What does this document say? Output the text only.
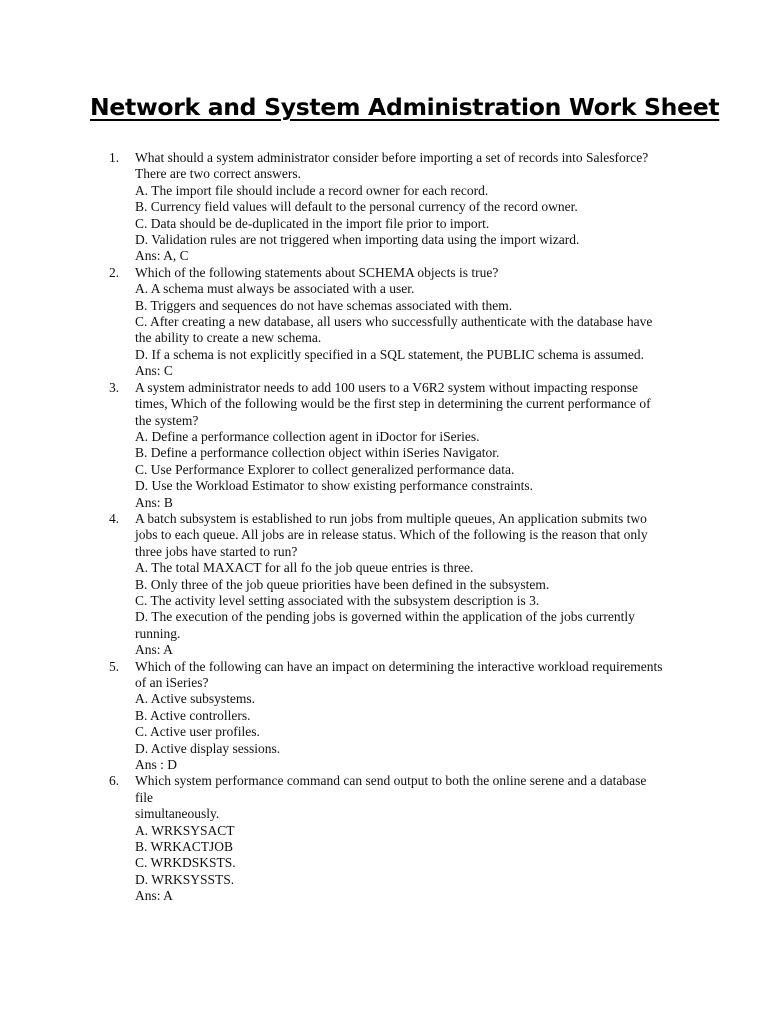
Network and System Administration Work Sheet
1. What should a system administrator consider before importing a set of records into Salesforce?
There are two correct answers.
A. The import file should include a record owner for each record.
B. Currency field values will default to the personal currency of the record owner.
C. Data should be de-duplicated in the import file prior to import.
D. Validation rules are not triggered when importing data using the import wizard.
Ans: A, C
2. Which of the following statements about SCHEMA objects is true?
A. A schema must always be associated with a user.
B. Triggers and sequences do not have schemas associated with them.
C. After creating a new database, all users who successfully authenticate with the database have
the ability to create a new schema.
D. If a schema is not explicitly specified in a SQL statement, the PUBLIC schema is assumed.
Ans: C
3. A system administrator needs to add 100 users to a V6R2 system without impacting response
times, Which of the following would be the first step in determining the current performance of
the system?
A. Define a performance collection agent in iDoctor for iSeries.
B. Define a performance collection object within iSeries Navigator.
C. Use Performance Explorer to collect generalized performance data.
D. Use the Workload Estimator to show existing performance constraints.
Ans: B
4. A batch subsystem is established to run jobs from multiple queues, An application submits two
jobs to each queue. All jobs are in release status. Which of the following is the reason that only
three jobs have started to run?
A. The total MAXACT for all fo the job queue entries is three.
B. Only three of the job queue priorities have been defined in the subsystem.
C. The activity level setting associated with the subsystem description is 3.
D. The execution of the pending jobs is governed within the application of the jobs currently
running.
Ans: A
5. Which of the following can have an impact on determining the interactive workload requirements
of an iSeries?
A. Active subsystems.
B. Active controllers.
C. Active user profiles.
D. Active display sessions.
Ans : D
6. Which system performance command can send output to both the online serene and a database
file
simultaneously.
A. WRKSYSACT
B. WRKACTJOB
C. WRKDSKSTS.
D. WRKSYSSTS.
Ans: A
